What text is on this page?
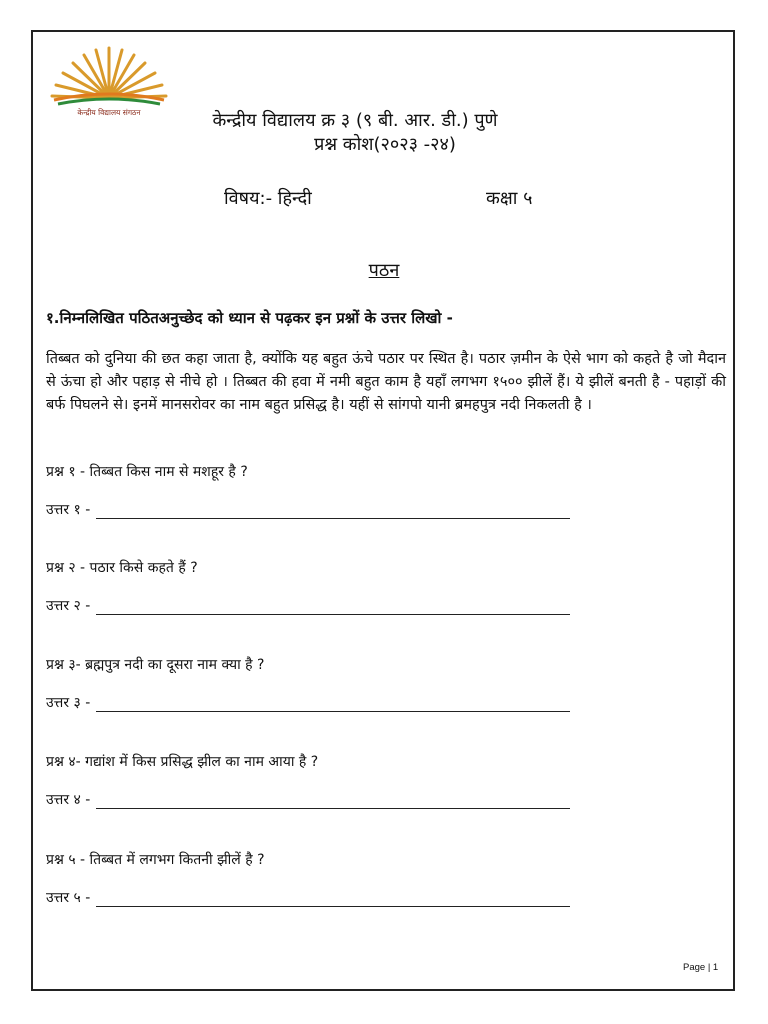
केन्द्रीय विद्यालय संगठन	केन्द्रीय विद्यालय क्र ३ (९ बी. आर. डी.) पुणे
प्रश्न कोश(२०२३ -२४)
विषय:- हिन्दी	कक्षा ५
पठन
१.निम्नलिखित पठितअनुच्छेद को ध्यान से पढ़कर इन प्रश्नों के उत्तर लिखो -
तिब्बत को दुनिया की छत कहा जाता है, क्योंकि यह बहुत ऊंचे पठार पर स्थित है। पठार ज़मीन के ऐसे भाग को कहते है जो मैदान से ऊंचा हो और पहाड़ से नीचे हो । तिब्बत की हवा में नमी बहुत काम है यहाँ लगभग १५०० झीलें हैं। ये झीलें बनती है - पहाड़ों की बर्फ पिघलने से। इनमें मानसरोवर का नाम बहुत प्रसिद्ध है। यहीं से सांगपो यानी ब्रमहपुत्र नदी निकलती है ।
प्रश्न १ - तिब्बत किस नाम से मशहूर है ?
उत्तर १ -
प्रश्न २ - पठार किसे कहते हैं ?
उत्तर २ -
प्रश्न ३- ब्रह्मपुत्र नदी का दूसरा नाम क्या है ?
उत्तर ३ -
प्रश्न ४- गद्यांश में किस प्रसिद्ध झील का नाम आया है ?
उत्तर ४ -
प्रश्न ५ - तिब्बत में लगभग कितनी झीलें है ?
उत्तर ५ -
Page | 1
